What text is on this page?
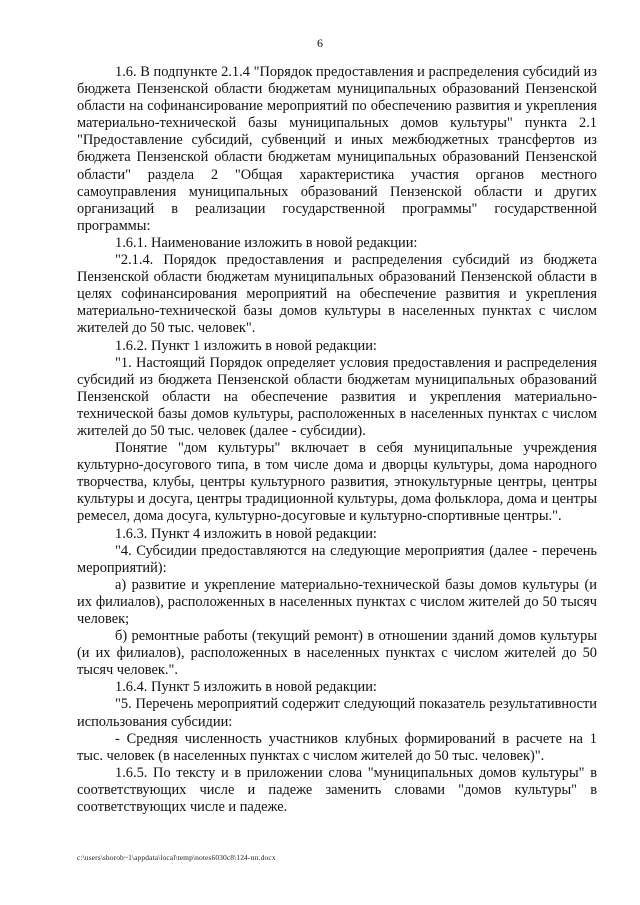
6

1.6. В подпункте 2.1.4 "Порядок предоставления и распределения субсидий из бюджета Пензенской области бюджетам муниципальных образований Пензенской области на софинансирование мероприятий по обеспечению развития и укрепления материально-технической базы муниципальных домов культуры" пункта 2.1 "Предоставление субсидий, субвенций и иных межбюджетных трансфертов из бюджета Пензенской области бюджетам муниципальных образований Пензенской области" раздела 2 "Общая характеристика участия органов местного самоуправления муниципальных образований Пензенской области и других организаций в реализации государственной программы" государственной программы:

1.6.1. Наименование изложить в новой редакции:

"2.1.4. Порядок предоставления и распределения субсидий из бюджета Пензенской области бюджетам муниципальных образований Пензенской области в целях софинансирования мероприятий на обеспечение развития и укрепления материально-технической базы домов культуры в населенных пунктах с числом жителей до 50 тыс. человек".

1.6.2. Пункт 1 изложить в новой редакции:

"1. Настоящий Порядок определяет условия предоставления и распределения субсидий из бюджета Пензенской области бюджетам муниципальных образований Пензенской области на обеспечение развития и укрепления материально-технической базы домов культуры, расположенных в населенных пунктах с числом жителей до 50 тыс. человек (далее - субсидии).

Понятие "дом культуры" включает в себя муниципальные учреждения культурно-досугового типа, в том числе дома и дворцы культуры, дома народного творчества, клубы, центры культурного развития, этнокультурные центры, центры культуры и досуга, центры традиционной культуры, дома фольклора, дома и центры ремесел, дома досуга, культурно-досуговые и культурно-спортивные центры.".

1.6.3. Пункт 4 изложить в новой редакции:

"4. Субсидии предоставляются на следующие мероприятия (далее - перечень мероприятий):

а) развитие и укрепление материально-технической базы домов культуры (и их филиалов), расположенных в населенных пунктах с числом жителей до 50 тысяч человек;

б) ремонтные работы (текущий ремонт) в отношении зданий домов культуры (и их филиалов), расположенных в населенных пунктах с числом жителей до 50 тысяч человек.".

1.6.4. Пункт 5 изложить в новой редакции:

"5. Перечень мероприятий содержит следующий показатель результативности использования субсидии:

- Средняя численность участников клубных формирований в расчете на 1 тыс. человек (в населенных пунктах с числом жителей до 50 тыс. человек)".

1.6.5. По тексту и в приложении слова "муниципальных домов культуры" в соответствующих числе и падеже заменить словами "домов культуры" в соответствующих числе и падеже.

c:\users\shorob~1\appdata\local\temp\notes6030c8\124-пп.docx
